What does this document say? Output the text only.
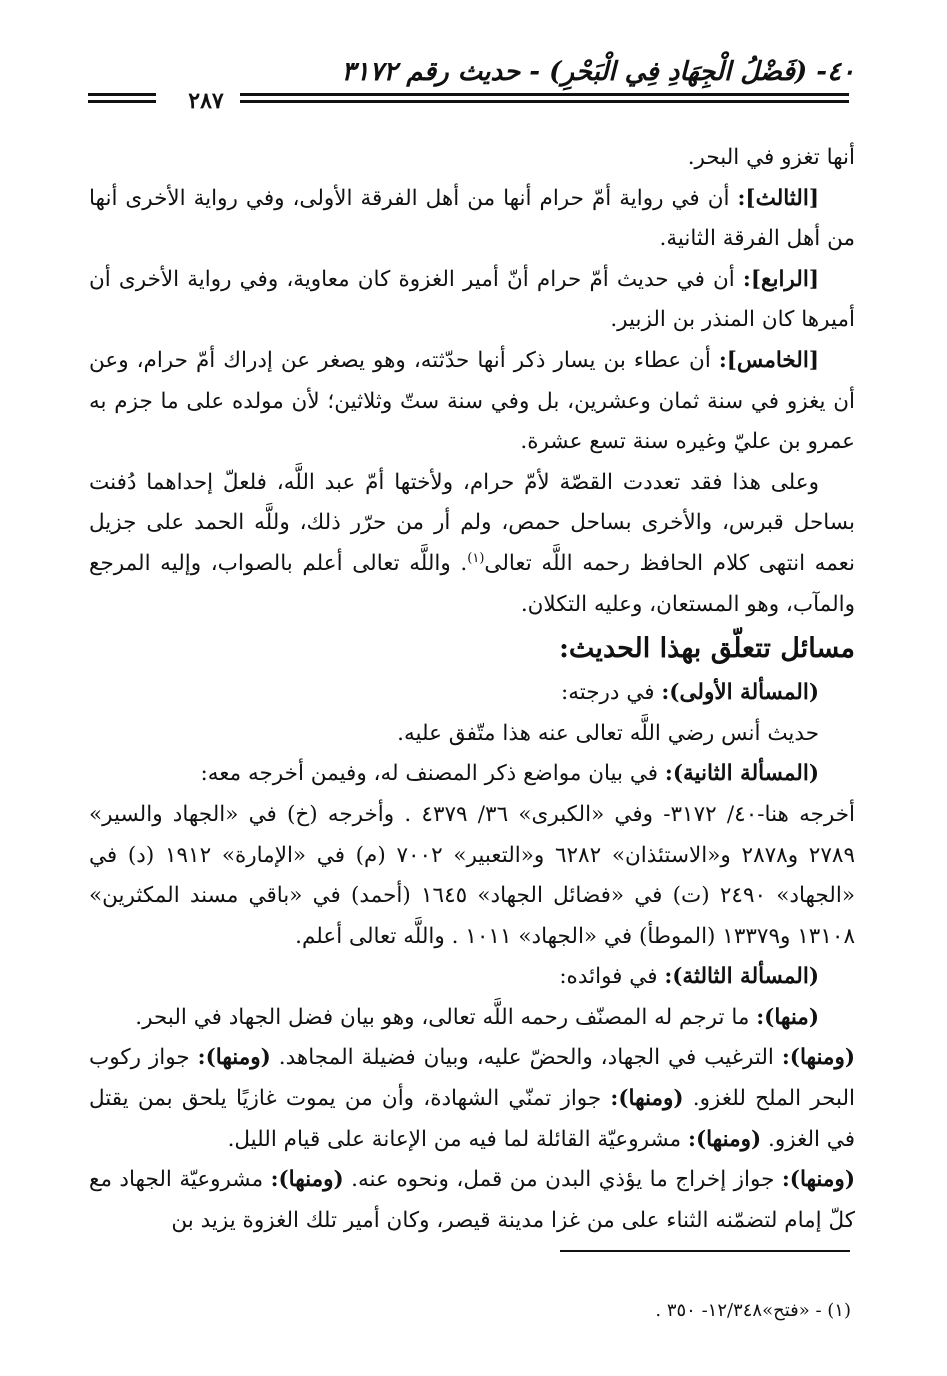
٤٠- (فَضْلُ الْجِهَادِ فِي الْبَحْرِ) - حديث رقم ٣١٧٢
٢٨٧

أنها تغزو في البحر.

[الثالث]: أن في رواية أمّ حرام أنها من أهل الفرقة الأولى، وفي رواية الأخرى أنها من أهل الفرقة الثانية.

[الرابع]: أن في حديث أمّ حرام أنّ أمير الغزوة كان معاوية، وفي رواية الأخرى أن أميرها كان المنذر بن الزبير.

[الخامس]: أن عطاء بن يسار ذكر أنها حدّثته، وهو يصغر عن إدراك أمّ حرام، وعن أن يغزو في سنة ثمان وعشرين، بل وفي سنة ستّ وثلاثين؛ لأن مولده على ما جزم به عمرو بن عليّ وغيره سنة تسع عشرة.

وعلى هذا فقد تعددت القصّة لأمّ حرام، ولأختها أمّ عبد اللَّه، فلعلّ إحداهما دُفنت بساحل قبرس، والأخرى بساحل حمص، ولم أر من حرّر ذلك، وللَّه الحمد على جزيل نعمه انتهى كلام الحافظ رحمه اللَّه تعالى$^{(١)}$. واللَّه تعالى أعلم بالصواب، وإليه المرجع والمآب، وهو المستعان، وعليه التكلان.

مسائل تتعلّق بهذا الحديث:

(المسألة الأولى): في درجته:

حديث أنس رضي اللَّه تعالى عنه هذا متّفق عليه.

(المسألة الثانية): في بيان مواضع ذكر المصنف له، وفيمن أخرجه معه:

أخرجه هنا-٤٠/ ٣١٧٢- وفي «الكبرى» ٣٦/ ٤٣٧٩ . وأخرجه (خ) في «الجهاد والسير» ٢٧٨٩ و٢٨٧٨ و«الاستئذان» ٦٢٨٢ و«التعبير» ٧٠٠٢ (م) في «الإمارة» ١٩١٢ (د) في «الجهاد» ٢٤٩٠ (ت) في «فضائل الجهاد» ١٦٤٥ (أحمد) في «باقي مسند المكثرين» ١٣١٠٨ و١٣٣٧٩ (الموطأ) في «الجهاد» ١٠١١ . واللَّه تعالى أعلم.

(المسألة الثالثة): في فوائده:

(منها): ما ترجم له المصنّف رحمه اللَّه تعالى، وهو بيان فضل الجهاد في البحر.

(ومنها): الترغيب في الجهاد، والحضّ عليه، وبيان فضيلة المجاهد. (ومنها): جواز ركوب البحر الملح للغزو. (ومنها): جواز تمنّي الشهادة، وأن من يموت غازيًا يلحق بمن يقتل في الغزو. (ومنها): مشروعيّة القائلة لما فيه من الإعانة على قيام الليل.

(ومنها): جواز إخراج ما يؤذي البدن من قمل، ونحوه عنه. (ومنها): مشروعيّة الجهاد مع كلّ إمام لتضمّنه الثناء على من غزا مدينة قيصر، وكان أمير تلك الغزوة يزيد بن

(١) - «فتح»١٢/٣٤٨- ٣٥٠ .
